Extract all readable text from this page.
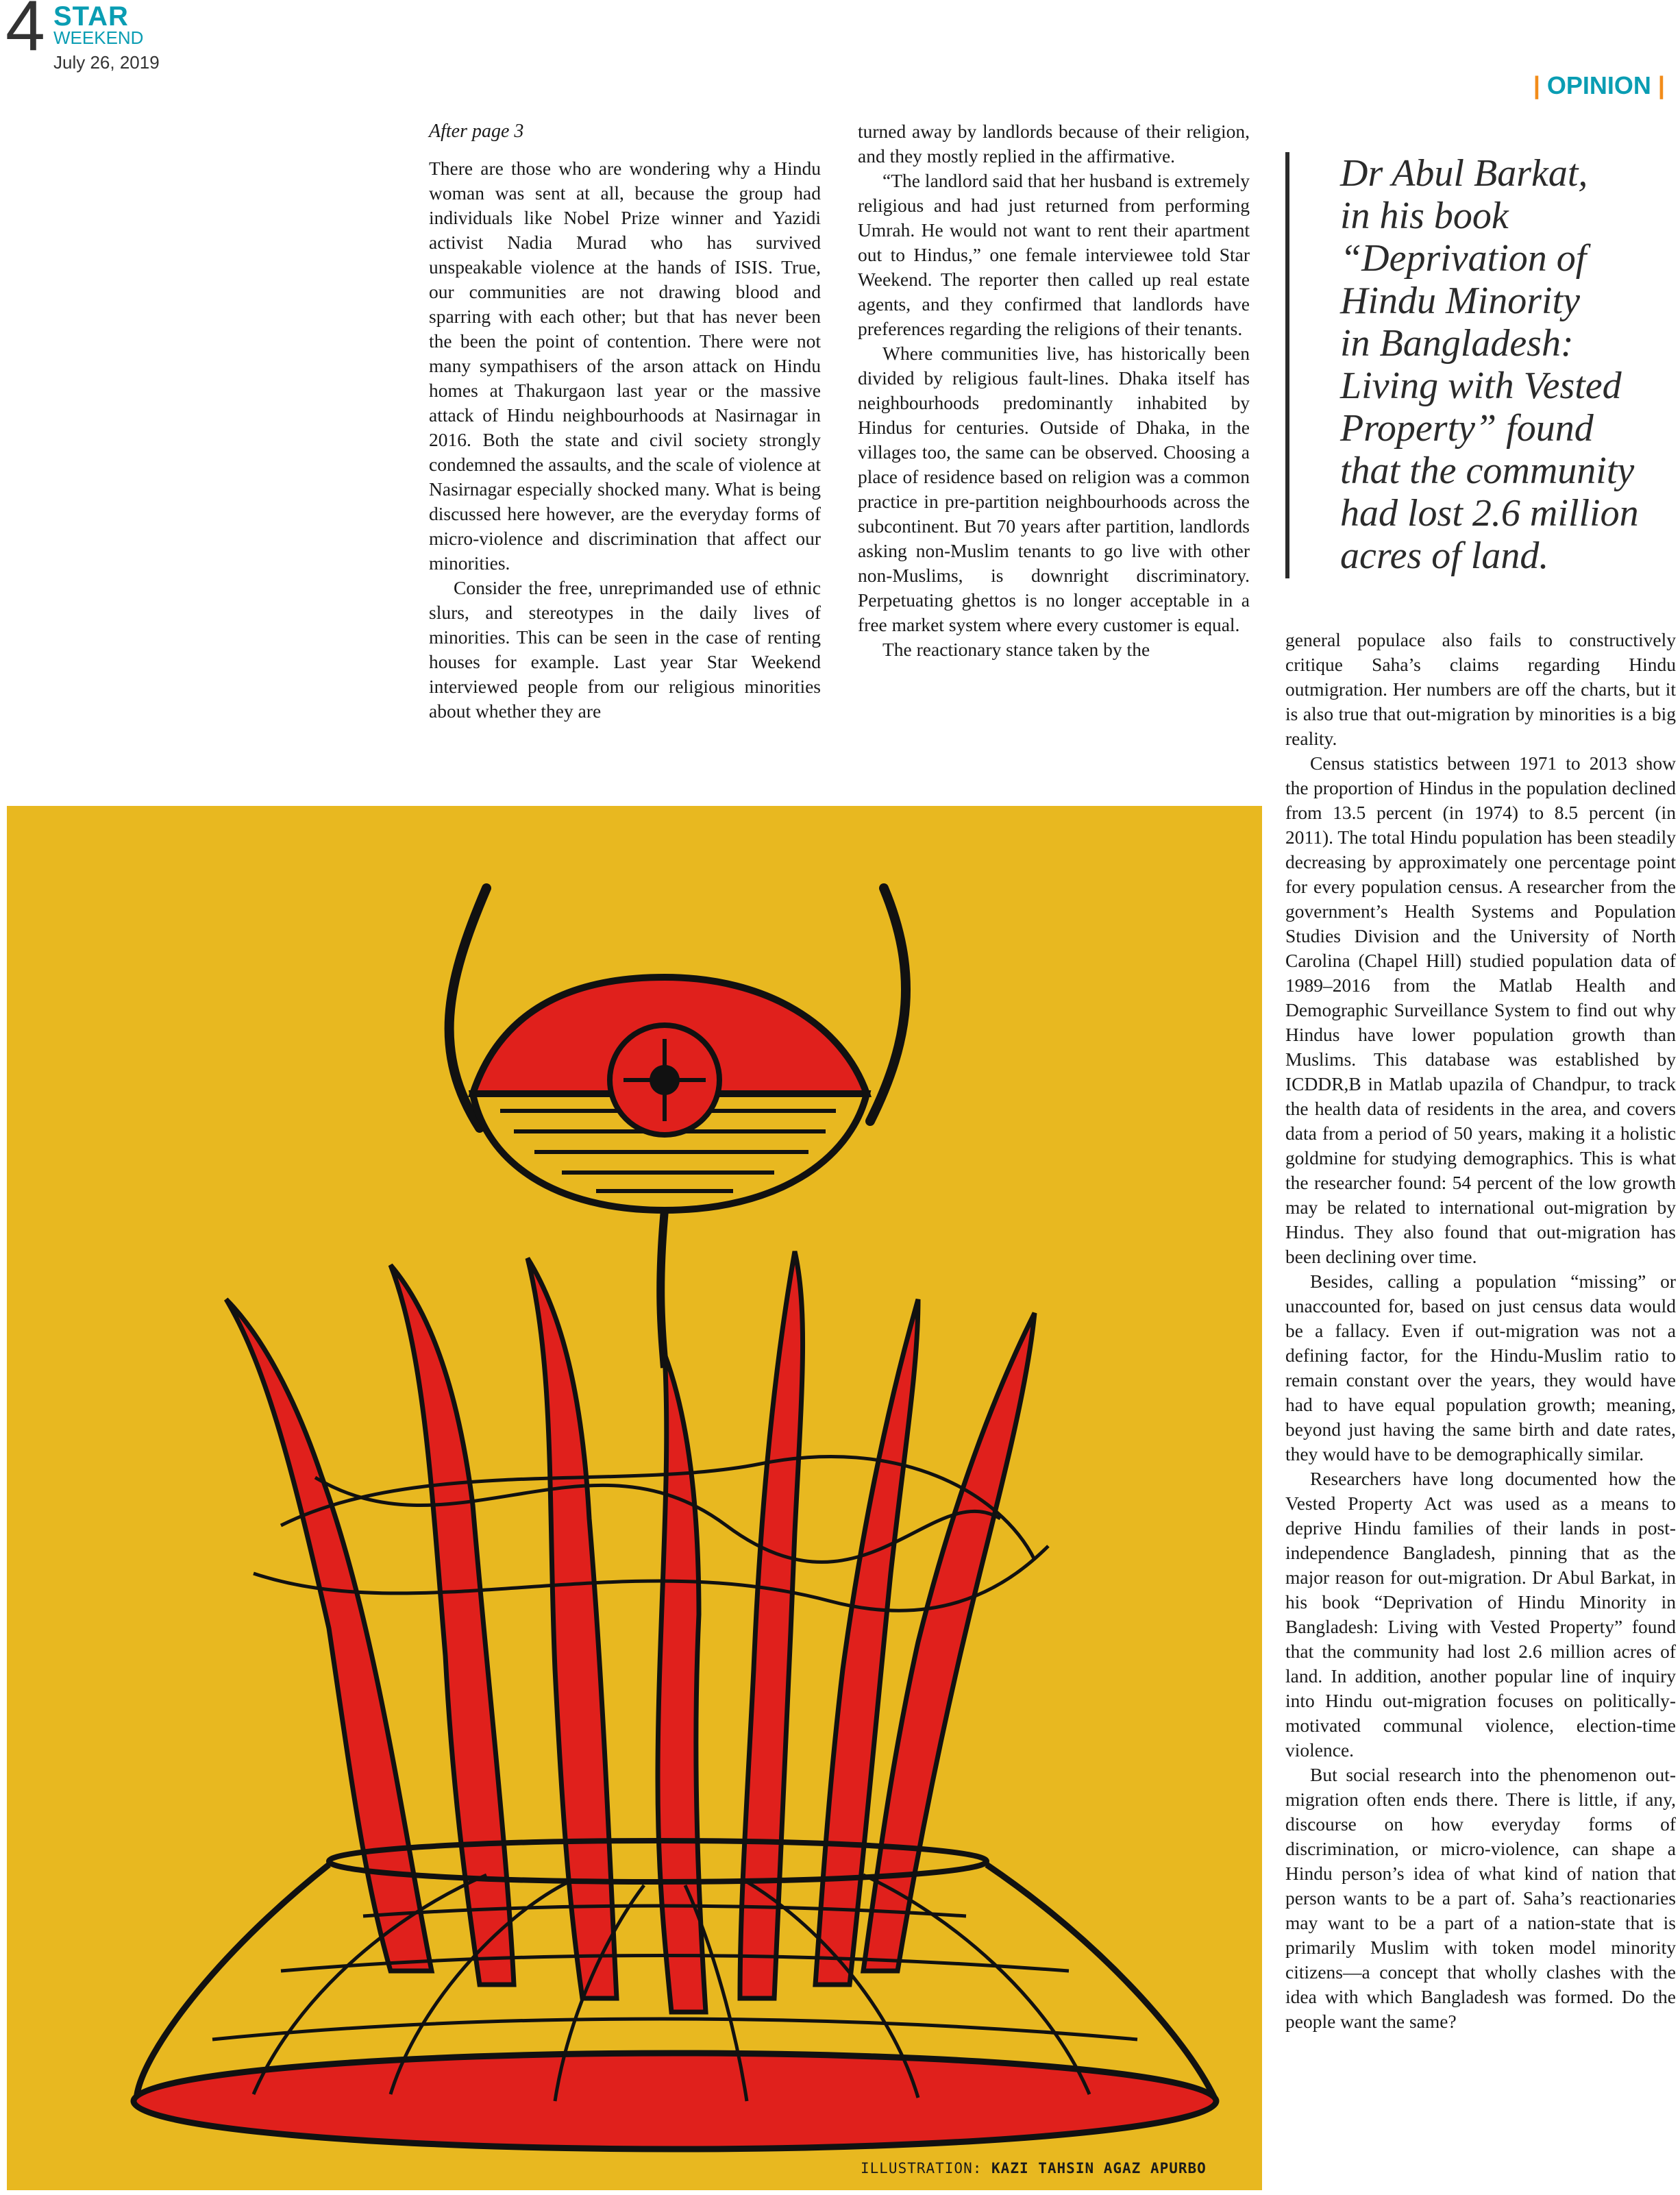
4 STAR
WEEKEND
July 26, 2019
| OPINION |

After page 3

There are those who are wondering why a Hindu woman was sent at all, because the group had individuals like Nobel Prize winner and Yazidi activist Nadia Murad who has survived unspeakable violence at the hands of ISIS. True, our communities are not drawing blood and sparring with each other; but that has never been the been the point of contention. There were not many sympathisers of the arson attack on Hindu homes at Thakurgaon last year or the massive attack of Hindu neighbourhoods at Nasirnagar in 2016. Both the state and civil society strongly condemned the assaults, and the scale of violence at Nasirnagar especially shocked many. What is being discussed here however, are the everyday forms of micro-violence and discrimination that affect our minorities.

Consider the free, unreprimanded use of ethnic slurs, and stereotypes in the daily lives of minorities. This can be seen in the case of renting houses for example. Last year Star Weekend interviewed people from our religious minorities about whether they are

turned away by landlords because of their religion, and they mostly replied in the affirmative.

“The landlord said that her husband is extremely religious and had just returned from performing Umrah. He would not want to rent their apartment out to Hindus,” one female interviewee told Star Weekend. The reporter then called up real estate agents, and they confirmed that landlords have preferences regarding the religions of their tenants.

Where communities live, has historically been divided by religious fault-lines. Dhaka itself has neighbourhoods predominantly inhabited by Hindus for centuries. Outside of Dhaka, in the villages too, the same can be observed. Choosing a place of residence based on religion was a common practice in pre-partition neighbourhoods across the subcontinent. But 70 years after partition, landlords asking non-Muslim tenants to go live with other non-Muslims, is downright discriminatory. Perpetuating ghettos is no longer acceptable in a free market system where every customer is equal.

The reactionary stance taken by the

Dr Abul Barkat,

in his book

“Deprivation of

Hindu Minority

in Bangladesh:

Living with Vested

Property” found

that the community

had lost 2.6 million

acres of land.

general populace also fails to constructively critique Saha’s claims regarding Hindu outmigration. Her numbers are off the charts, but it is also true that out-migration by minorities is a big reality.

Census statistics between 1971 to 2013 show the proportion of Hindus in the population declined from 13.5 percent (in 1974) to 8.5 percent (in 2011). The total Hindu population has been steadily decreasing by approximately one percentage point for every population census. A researcher from the government’s Health Systems and Population Studies Division and the University of North Carolina (Chapel Hill) studied population data of 1989–2016 from the Matlab Health and Demographic Surveillance System to find out why Hindus have lower population growth than Muslims. This database was established by ICDDR,B in Matlab upazila of Chandpur, to track the health data of residents in the area, and covers data from a period of 50 years, making it a holistic goldmine for studying demographics. This is what the researcher found: 54 percent of the low growth may be related to international out-migration by Hindus. They also found that out-migration has been declining over time.

Besides, calling a population “missing” or unaccounted for, based on just census data would be a fallacy. Even if out-migration was not a defining factor, for the Hindu-Muslim ratio to remain constant over the years, they would have had to have equal population growth; meaning, beyond just having the same birth and date rates, they would have to be demographically similar.

Researchers have long documented how the Vested Property Act was used as a means to deprive Hindu families of their lands in post-independence Bangladesh, pinning that as the major reason for out-migration. Dr Abul Barkat, in his book “Deprivation of Hindu Minority in Bangladesh: Living with Vested Property” found that the community had lost 2.6 million acres of land. In addition, another popular line of inquiry into Hindu out-migration focuses on politically-motivated communal violence, election-time violence.

But social research into the phenomenon out-migration often ends there. There is little, if any, discourse on how everyday forms of discrimination, or micro-violence, can shape a Hindu person’s idea of what kind of nation that person wants to be a part of. Saha’s reactionaries may want to be a part of a nation-state that is primarily Muslim with token model minority citizens—a concept that wholly clashes with the idea with which Bangladesh was formed. Do the people want the same?

ILLUSTRATION: KAZI TAHSIN AGAZ APURBO
